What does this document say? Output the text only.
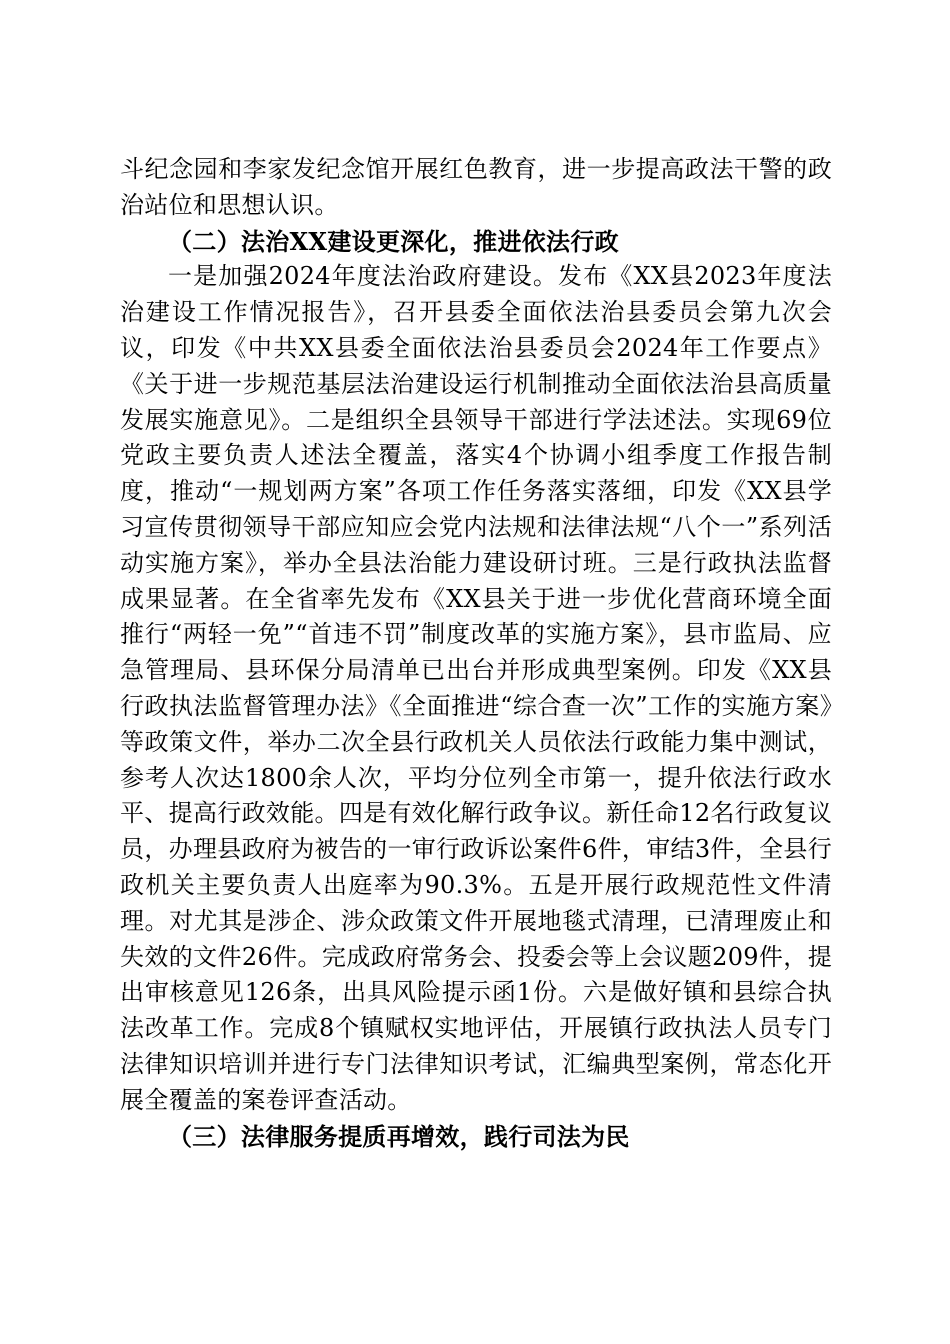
斗纪念园和李家发纪念馆开展红色教育，进一步提高政法干警的政治站位和思想认识。

（二）法治XX建设更深化，推进依法行政

一是加强2024年度法治政府建设。发布《XX县2023年度法治建设工作情况报告》，召开县委全面依法治县委员会第九次会议，印发《中共XX县委全面依法治县委员会2024年工作要点》《关于进一步规范基层法治建设运行机制推动全面依法治县高质量发展实施意见》。二是组织全县领导干部进行学法述法。实现69位党政主要负责人述法全覆盖，落实4个协调小组季度工作报告制度，推动“一规划两方案”各项工作任务落实落细，印发《XX县学习宣传贯彻领导干部应知应会党内法规和法律法规“八个一”系列活动实施方案》，举办全县法治能力建设研讨班。三是行政执法监督成果显著。在全省率先发布《XX县关于进一步优化营商环境全面推行“两轻一免”“首违不罚”制度改革的实施方案》，县市监局、应急管理局、县环保分局清单已出台并形成典型案例。印发《XX县行政执法监督管理办法》《全面推进“综合查一次”工作的实施方案》等政策文件，举办二次全县行政机关人员依法行政能力集中测试，参考人次达1800余人次，平均分位列全市第一，提升依法行政水平、提高行政效能。四是有效化解行政争议。新任命12名行政复议员，办理县政府为被告的一审行政诉讼案件6件，审结3件，全县行政机关主要负责人出庭率为90.3%。五是开展行政规范性文件清理。对尤其是涉企、涉众政策文件开展地毯式清理，已清理废止和失效的文件26件。完成政府常务会、投委会等上会议题209件，提出审核意见126条，出具风险提示函1份。六是做好镇和县综合执法改革工作。完成8个镇赋权实地评估，开展镇行政执法人员专门法律知识培训并进行专门法律知识考试，汇编典型案例，常态化开展全覆盖的案卷评查活动。

（三）法律服务提质再增效，践行司法为民
